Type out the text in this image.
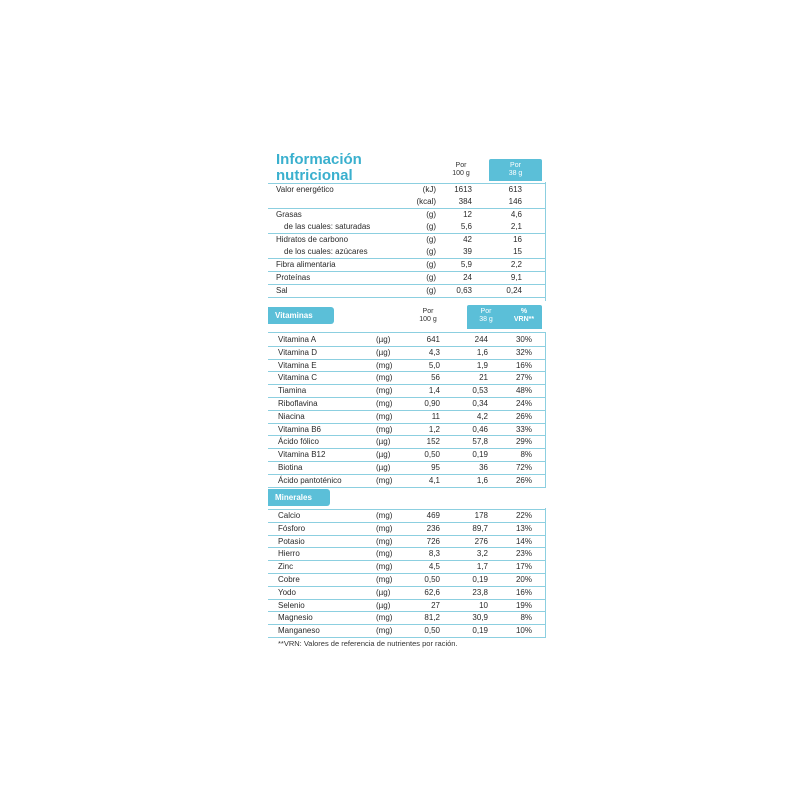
Información
nutricional
Por
100 g
Por
38 g
Valor energético	(kJ) 1613	613
(kcal)	384	146
Grasas	(g)	12	4,6
de las cuales: saturadas	(g)	5,6	2,1
Hidratos de carbono	(g)	42	16
de los cuales: azúcares	(g)	39	15
Fibra alimentaria	(g)	5,9	2,2
Proteínas	(g)	24	9,1
Sal	(g)	0,63	0,24
Vitaminas	Por
100 g
Por
38 g
%
VRN**
Vitamina A	(µg)	641	244	30%
Vitamina D	(µg)	4,3	1,6	32%
Vitamina E	(mg)	5,0	1,9	16%
Vitamina C	(mg)	56	21	27%
Tiamina	(mg)	1,4	0,53	48%
Riboflavina	(mg)	0,90	0,34	24%
Niacina	(mg)	11	4,2	26%
Vitamina B6	(mg)	1,2	0,46	33%
Ácido fólico	(µg)	152	57,8	29%
Vitamina B12	(µg)	0,50	0,19	8%
Biotina	(µg)	95	36	72%
Ácido pantoténico	(mg)	4,1	1,6	26%
Minerales
Calcio	(mg)	469	178	22%
Fósforo	(mg)	236	89,7	13%
Potasio	(mg)	726	276	14%
Hierro	(mg)	8,3	3,2	23%
Zinc	(mg)	4,5	1,7	17%
Cobre	(mg)	0,50	0,19	20%
Yodo	(µg)	62,6	23,8	16%
Selenio	(µg)	27	10	19%
Magnesio	(mg)	81,2	30,9	8%
Manganeso	(mg)	0,50	0,19	10%
**VRN: Valores de referencia de nutrientes por ración.
